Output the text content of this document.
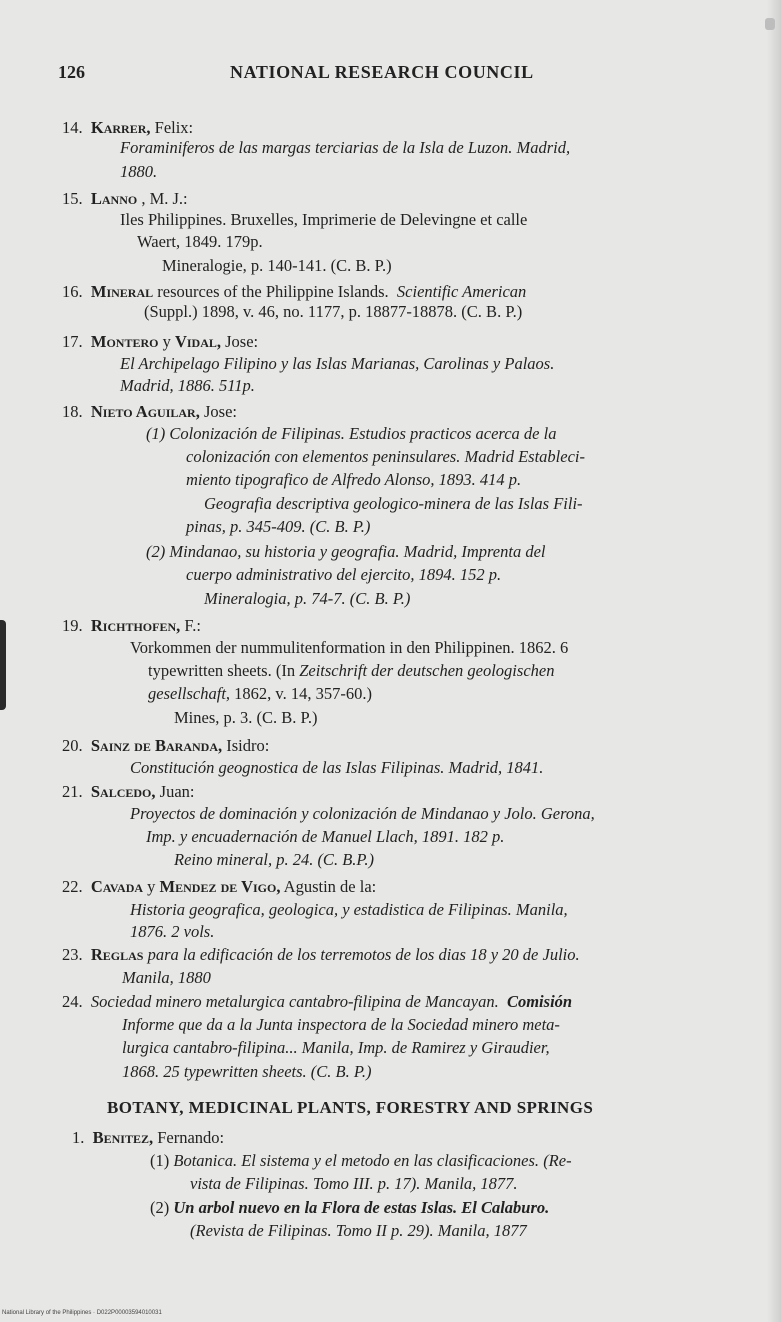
126	NATIONAL RESEARCH COUNCIL
14. Karrer, Felix:
Foraminiferos de las margas terciarias de la Isla de Luzon. Madrid,
1880.
15. Lanno , M. J.:
Iles Philippines. Bruxelles, Imprimerie de Delevingne et calle
Waert, 1849. 179p.
Mineralogie, p. 140-141. (C. B. P.)
16. Mineral resources of the Philippine Islands. Scientific American
(Suppl.) 1898, v. 46, no. 1177, p. 18877-18878. (C. B. P.)
17. Montero y Vidal, Jose:
El Archipelago Filipino y las Islas Marianas, Carolinas y Palaos.
Madrid, 1886. 511p.
18. Nieto Aguilar, Jose:
(1) Colonización de Filipinas. Estudios practicos acerca de la
colonización con elementos peninsulares. Madrid Estableci-
miento tipografico de Alfredo Alonso, 1893. 414 p.
Geografia descriptiva geologico-minera de las Islas Fili-
pinas, p. 345-409. (C. B. P.)
(2) Mindanao, su historia y geografia. Madrid, Imprenta del
cuerpo administrativo del ejercito, 1894. 152 p.
Mineralogia, p. 74-7. (C. B. P.)
19. Richthofen, F.:
Vorkommen der nummulitenformation in den Philippinen. 1862. 6
typewritten sheets. (In Zeitschrift der deutschen geologischen
gesellschaft, 1862, v. 14, 357-60.)
Mines, p. 3. (C. B. P.)
20. Sainz de Baranda, Isidro:
Constitución geognostica de las Islas Filipinas. Madrid, 1841.
21. Salcedo, Juan:
Proyectos de dominación y colonización de Mindanao y Jolo. Gerona,
Imp. y encuadernación de Manuel Llach, 1891. 182 p.
Reino mineral, p. 24. (C. B.P.)
22. Cavada y Mendez de Vigo, Agustin de la:
Historia geografica, geologica, y estadistica de Filipinas. Manila,
1876. 2 vols.
23. Reglas para la edificación de los terremotos de los dias 18 y 20 de Julio.
Manila, 1880
24. Sociedad minero metalurgica cantabro-filipina de Mancayan. Comisión
Informe que da a la Junta inspectora de la Sociedad minero meta-
lurgica cantabro-filipina... Manila, Imp. de Ramirez y Giraudier,
1868. 25 typewritten sheets. (C. B. P.)
BOTANY, MEDICINAL PLANTS, FORESTRY AND SPRINGS
1. Benitez, Fernando:
(1) Botanica. El sistema y el metodo en las clasificaciones. (Re-
vista de Filipinas. Tomo III. p. 17). Manila, 1877.
(2) Un arbol nuevo en la Flora de estas Islas. El Calaburo.
(Revista de Filipinas. Tomo II p. 29). Manila, 1877
National Library of the Philippines · D022P00003594010031
